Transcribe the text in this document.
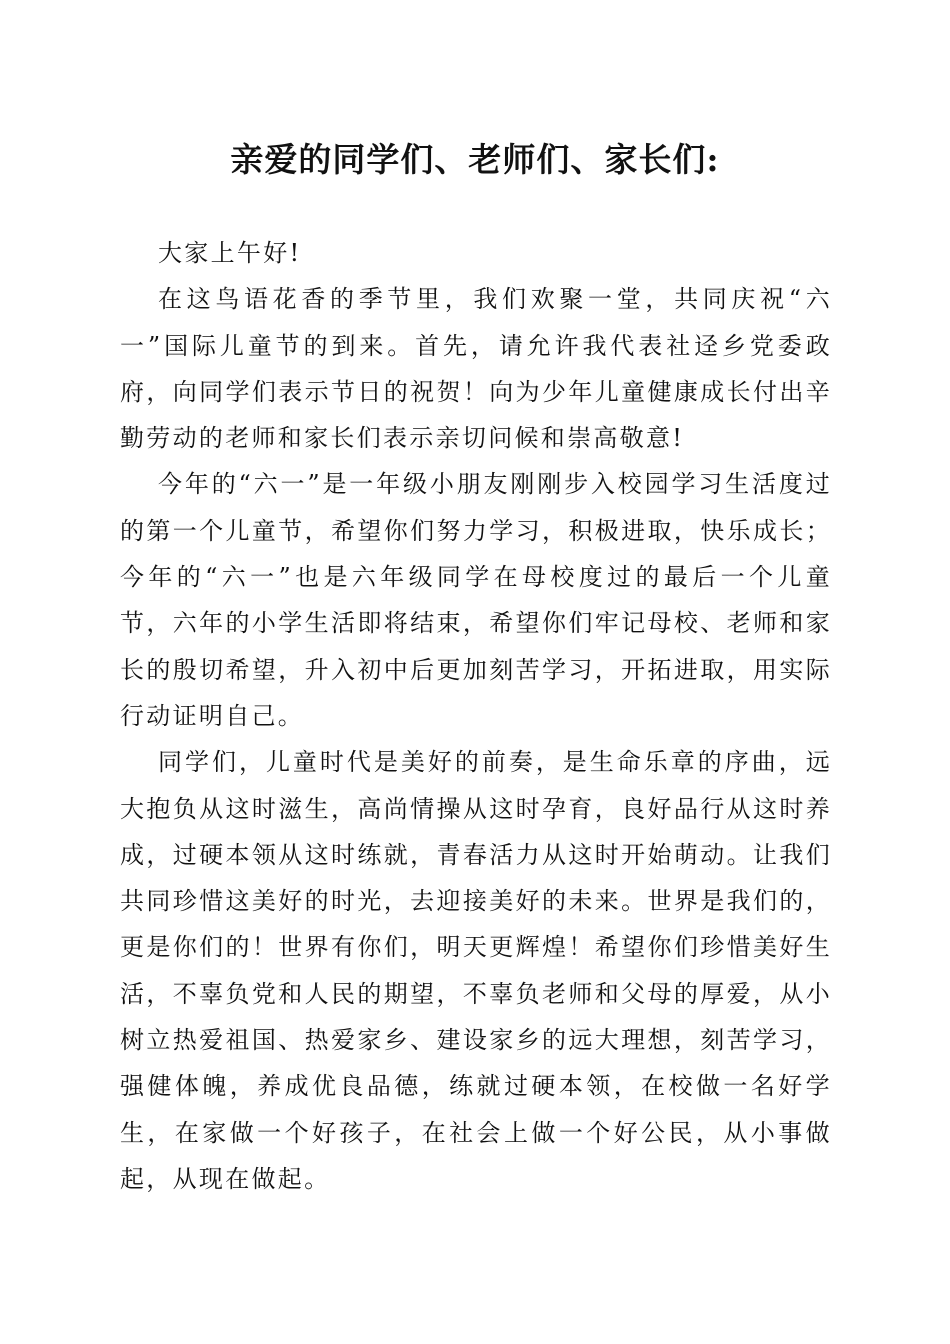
亲爱的同学们、老师们、家长们:

大家上午好!

在这鸟语花香的季节里，我们欢聚一堂，共同庆祝“六一”国际儿童节的到来。首先，请允许我代表社迳乡党委政府，向同学们表示节日的祝贺！向为少年儿童健康成长付出辛勤劳动的老师和家长们表示亲切问候和崇高敬意!

今年的“六一”是一年级小朋友刚刚步入校园学习生活度过的第一个儿童节，希望你们努力学习，积极进取，快乐成长；今年的“六一”也是六年级同学在母校度过的最后一个儿童节，六年的小学生活即将结束，希望你们牢记母校、老师和家长的殷切希望，升入初中后更加刻苦学习，开拓进取，用实际行动证明自己。

同学们，儿童时代是美好的前奏，是生命乐章的序曲，远大抱负从这时滋生，高尚情操从这时孕育，良好品行从这时养成，过硬本领从这时练就，青春活力从这时开始萌动。让我们共同珍惜这美好的时光，去迎接美好的未来。世界是我们的，更是你们的！世界有你们，明天更辉煌！希望你们珍惜美好生活，不辜负党和人民的期望，不辜负老师和父母的厚爱，从小树立热爱祖国、热爱家乡、建设家乡的远大理想，刻苦学习，强健体魄，养成优良品德，练就过硬本领，在校做一名好学生，在家做一个好孩子，在社会上做一个好公民，从小事做起，从现在做起。
